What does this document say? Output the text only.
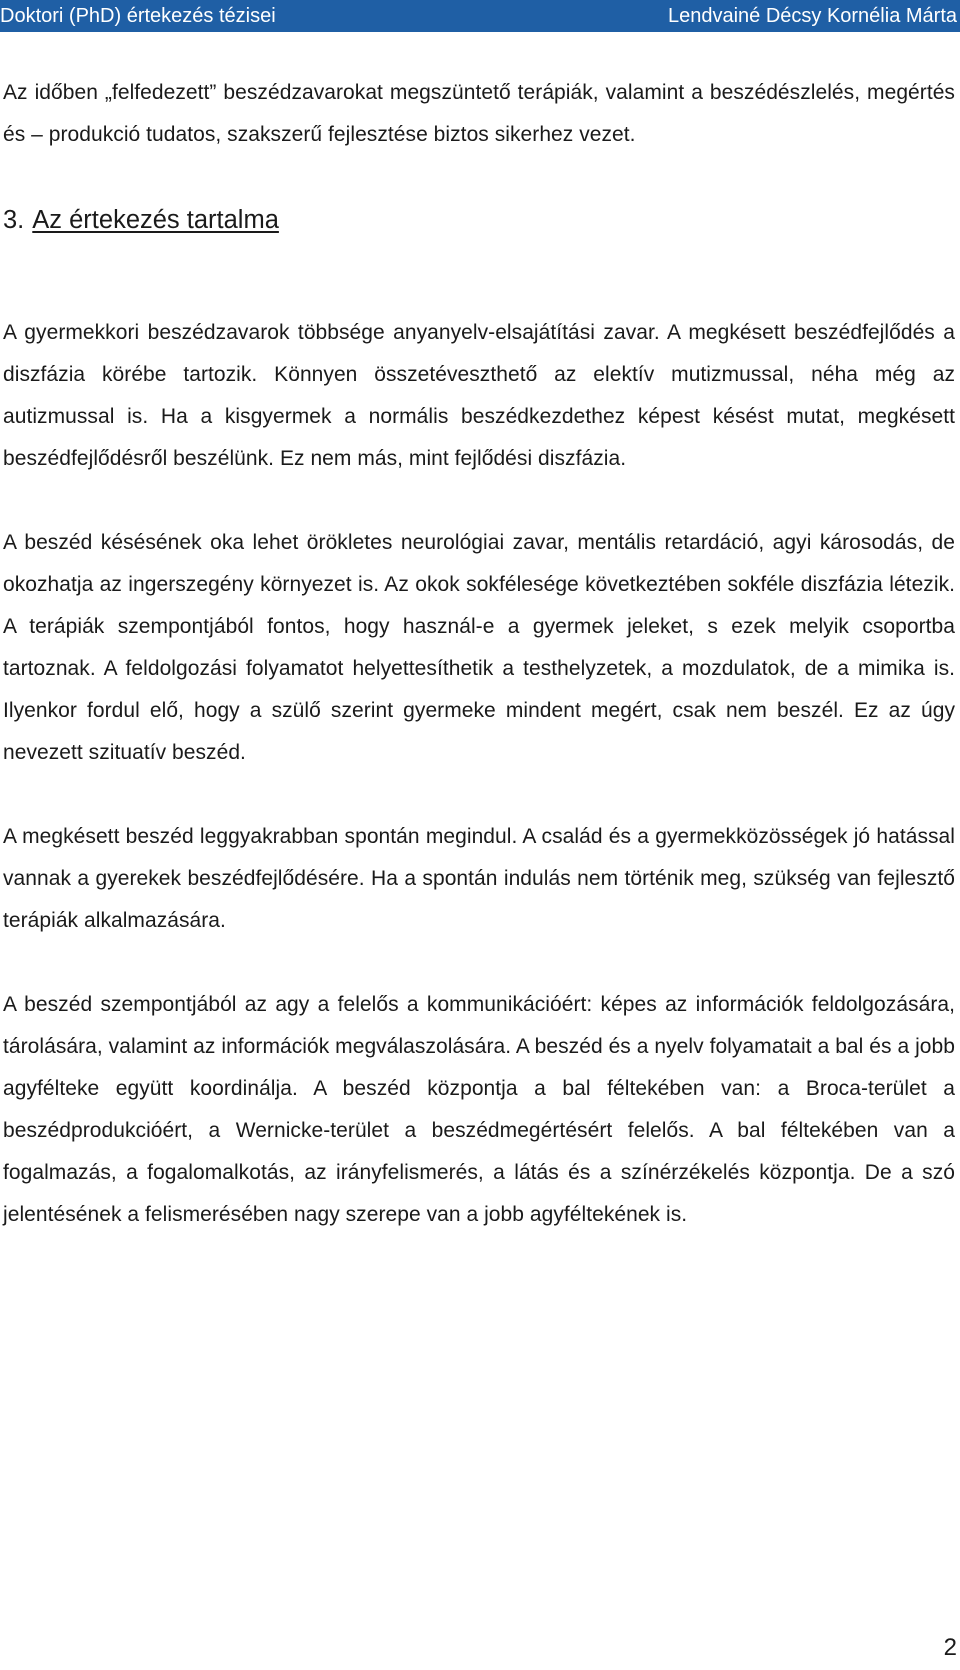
Doktori (PhD) értekezés tézisei	Lendvainé Décsy Kornélia Márta

Az időben „felfedezett” beszédzavarokat megszüntető terápiák, valamint a beszédészlelés, megértés és – produkció tudatos, szakszerű fejlesztése biztos sikerhez vezet.

3. Az értekezés tartalma

A gyermekkori beszédzavarok többsége anyanyelv-elsajátítási zavar. A megkésett beszédfejlődés a diszfázia körébe tartozik. Könnyen összetéveszthető az elektív mutizmussal, néha még az autizmussal is. Ha a kisgyermek a normális beszédkezdethez képest késést mutat, megkésett beszédfejlődésről beszélünk. Ez nem más, mint fejlődési diszfázia.

A beszéd késésének oka lehet örökletes neurológiai zavar, mentális retardáció, agyi károsodás, de okozhatja az ingerszegény környezet is. Az okok sokfélesége következtében sokféle diszfázia létezik. A terápiák szempontjából fontos, hogy használ-e a gyermek jeleket, s ezek melyik csoportba tartoznak. A feldolgozási folyamatot helyettesíthetik a testhelyzetek, a mozdulatok, de a mimika is. Ilyenkor fordul elő, hogy a szülő szerint gyermeke mindent megért, csak nem beszél. Ez az úgy nevezett szituatív beszéd.

A megkésett beszéd leggyakrabban spontán megindul. A család és a gyermekközösségek jó hatással vannak a gyerekek beszédfejlődésére. Ha a spontán indulás nem történik meg, szükség van fejlesztő terápiák alkalmazására.

A beszéd szempontjából az agy a felelős a kommunikációért: képes az információk feldolgozására, tárolására, valamint az információk megválaszolására. A beszéd és a nyelv folyamatait a bal és a jobb agyfélteke együtt koordinálja. A beszéd központja a bal féltekében van: a Broca-terület a beszédprodukcióért, a Wernicke-terület a beszédmegértésért felelős. A bal féltekében van a fogalmazás, a fogalomalkotás, az irányfelismerés, a látás és a színérzékelés központja. De a szó jelentésének a felismerésében nagy szerepe van a jobb agyféltekének is.

2
